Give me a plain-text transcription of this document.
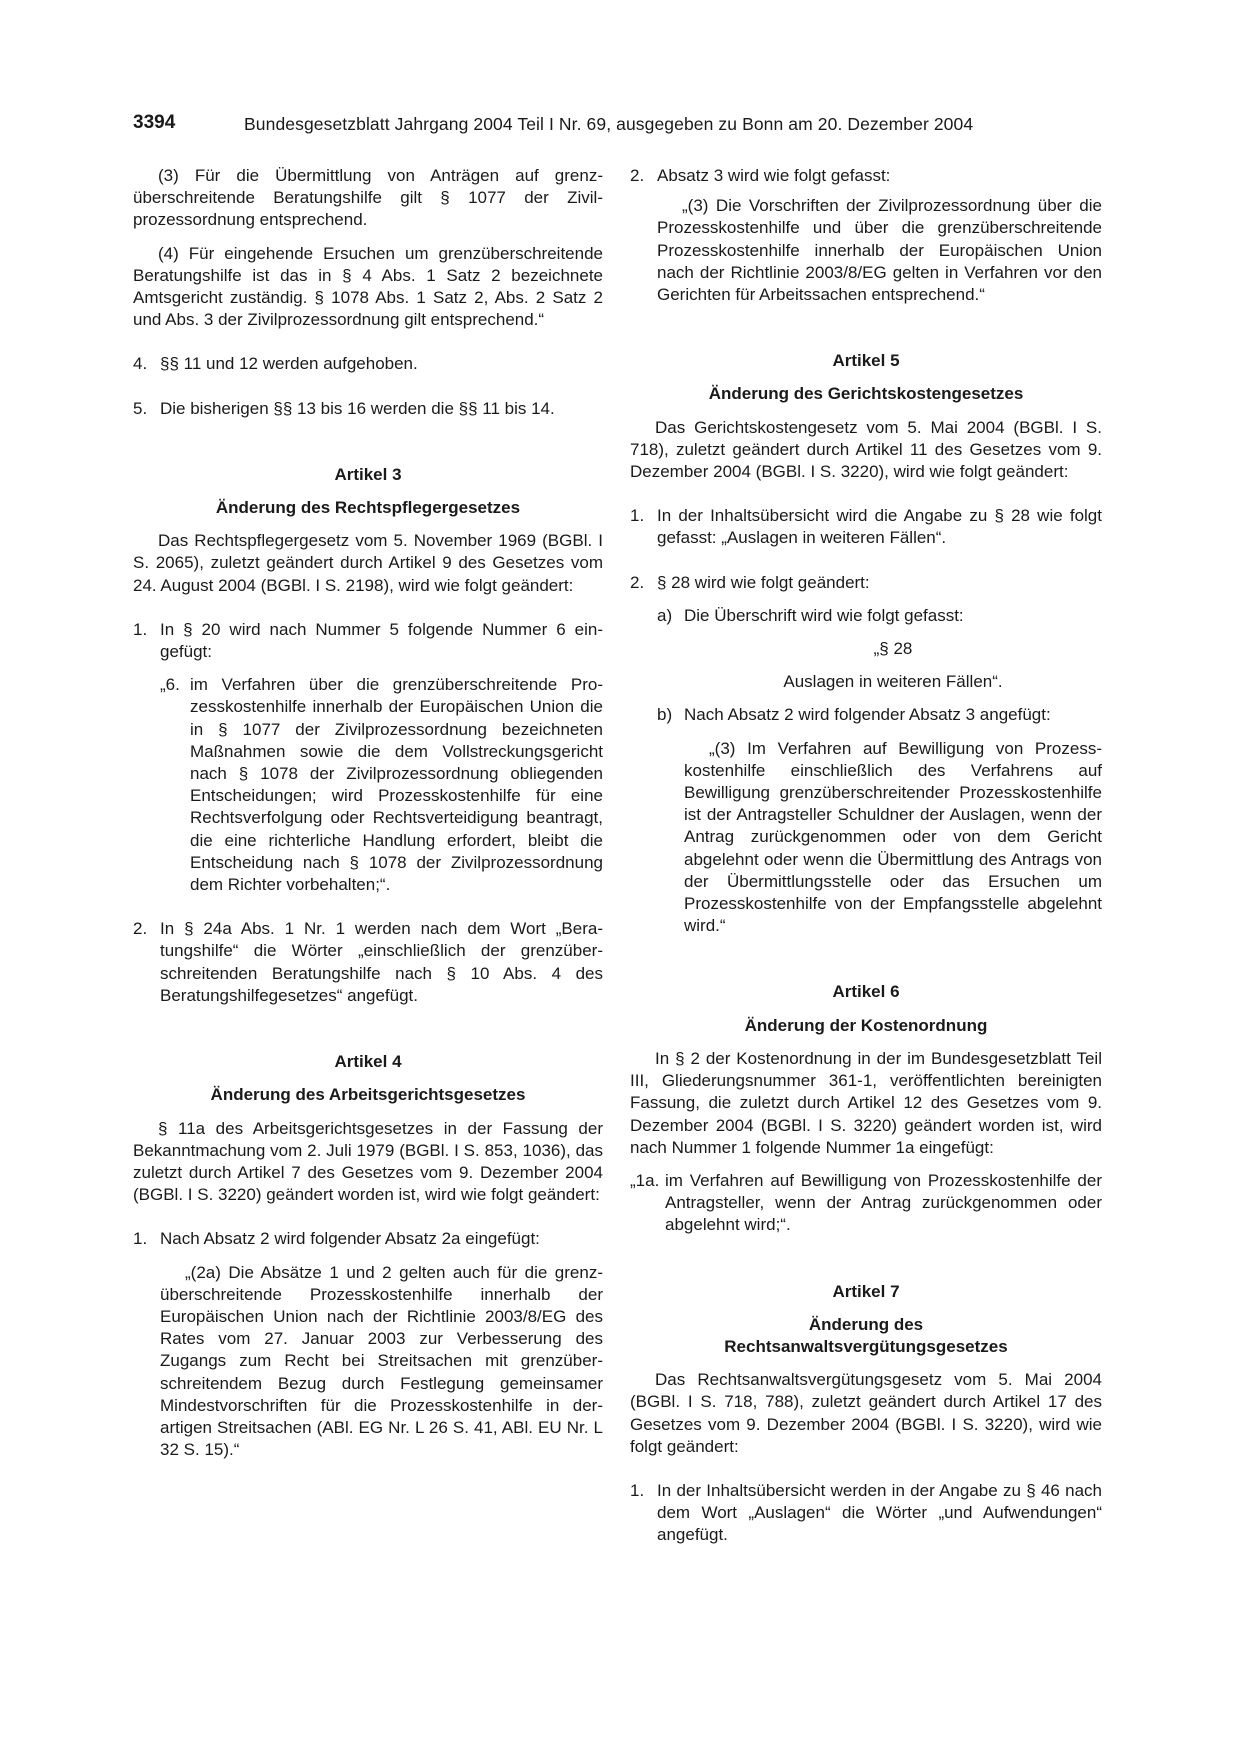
3394	Bundesgesetzblatt Jahrgang 2004 Teil I Nr. 69, ausgegeben zu Bonn am 20. Dezember 2004

(3) Für die Übermittlung von Anträgen auf grenzüberschreitende Beratungshilfe gilt § 1077 der Zivilprozessordnung entsprechend.

(4) Für eingehende Ersuchen um grenzüberschreitende Beratungshilfe ist das in § 4 Abs. 1 Satz 2 bezeichnete Amtsgericht zuständig. § 1078 Abs. 1 Satz 2, Abs. 2 Satz 2 und Abs. 3 der Zivilprozessordnung gilt entsprechend.“

4. §§ 11 und 12 werden aufgehoben.
5. Die bisherigen §§ 13 bis 16 werden die §§ 11 bis 14.
Artikel 3
Änderung des Rechtspflegergesetzes

Das Rechtspflegergesetz vom 5. November 1969 (BGBl. I S. 2065), zuletzt geändert durch Artikel 9 des Gesetzes vom 24. August 2004 (BGBl. I S. 2198), wird wie folgt geändert:

1. In § 20 wird nach Nummer 5 folgende Nummer 6 eingefügt:
„6. im Verfahren über die grenzüberschreitende Prozesskostenhilfe innerhalb der Europäischen Union die in § 1077 der Zivilprozessordnung bezeichneten Maßnahmen sowie die dem Vollstreckungsgericht nach § 1078 der Zivilprozessordnung obliegenden Entscheidungen; wird Prozesskostenhilfe für eine Rechtsverfolgung oder Rechtsverteidigung beantragt, die eine richterliche Handlung erfordert, bleibt die Entscheidung nach § 1078 der Zivilprozessordnung dem Richter vorbehalten;“.
2. In § 24a Abs. 1 Nr. 1 werden nach dem Wort „Beratungshilfe“ die Wörter „einschließlich der grenzüberschreitenden Beratungshilfe nach § 10 Abs. 4 des Beratungshilfegesetzes“ angefügt.
Artikel 4
Änderung des Arbeitsgerichtsgesetzes

§ 11a des Arbeitsgerichtsgesetzes in der Fassung der Bekanntmachung vom 2. Juli 1979 (BGBl. I S. 853, 1036), das zuletzt durch Artikel 7 des Gesetzes vom 9. Dezember 2004 (BGBl. I S. 3220) geändert worden ist, wird wie folgt geändert:

1. Nach Absatz 2 wird folgender Absatz 2a eingefügt:

„(2a) Die Absätze 1 und 2 gelten auch für die grenzüberschreitende Prozesskostenhilfe innerhalb der Europäischen Union nach der Richtlinie 2003/8/EG des Rates vom 27. Januar 2003 zur Verbesserung des Zugangs zum Recht bei Streitsachen mit grenzüberschreitendem Bezug durch Festlegung gemeinsamer Mindestvorschriften für die Prozesskostenhilfe in derartigen Streitsachen (ABl. EG Nr. L 26 S. 41, ABl. EU Nr. L 32 S. 15).“

2. Absatz 3 wird wie folgt gefasst:

„(3) Die Vorschriften der Zivilprozessordnung über die Prozesskostenhilfe und über die grenzüberschreitende Prozesskostenhilfe innerhalb der Europäischen Union nach der Richtlinie 2003/8/EG gelten in Verfahren vor den Gerichten für Arbeitssachen entsprechend.“

Artikel 5
Änderung des Gerichtskostengesetzes

Das Gerichtskostengesetz vom 5. Mai 2004 (BGBl. I S. 718), zuletzt geändert durch Artikel 11 des Gesetzes vom 9. Dezember 2004 (BGBl. I S. 3220), wird wie folgt geändert:

1. In der Inhaltsübersicht wird die Angabe zu § 28 wie folgt gefasst: „Auslagen in weiteren Fällen“.
2. § 28 wird wie folgt geändert:
a) Die Überschrift wird wie folgt gefasst:
„§ 28
Auslagen in weiteren Fällen“.
b) Nach Absatz 2 wird folgender Absatz 3 angefügt:

„(3) Im Verfahren auf Bewilligung von Prozesskostenhilfe einschließlich des Verfahrens auf Bewilligung grenzüberschreitender Prozesskostenhilfe ist der Antragsteller Schuldner der Auslagen, wenn der Antrag zurückgenommen oder von dem Gericht abgelehnt oder wenn die Übermittlung des Antrags von der Übermittlungsstelle oder das Ersuchen um Prozesskostenhilfe von der Empfangsstelle abgelehnt wird.“

Artikel 6
Änderung der Kostenordnung

In § 2 der Kostenordnung in der im Bundesgesetzblatt Teil III, Gliederungsnummer 361-1, veröffentlichten bereinigten Fassung, die zuletzt durch Artikel 12 des Gesetzes vom 9. Dezember 2004 (BGBl. I S. 3220) geändert worden ist, wird nach Nummer 1 folgende Nummer 1a eingefügt:

„1a. im Verfahren auf Bewilligung von Prozesskostenhilfe der Antragsteller, wenn der Antrag zurückgenommen oder abgelehnt wird;“.
Artikel 7
Änderung des
Rechtsanwaltsvergütungsgesetzes

Das Rechtsanwaltsvergütungsgesetz vom 5. Mai 2004 (BGBl. I S. 718, 788), zuletzt geändert durch Artikel 17 des Gesetzes vom 9. Dezember 2004 (BGBl. I S. 3220), wird wie folgt geändert:

1. In der Inhaltsübersicht werden in der Angabe zu § 46 nach dem Wort „Auslagen“ die Wörter „und Aufwendungen“ angefügt.
